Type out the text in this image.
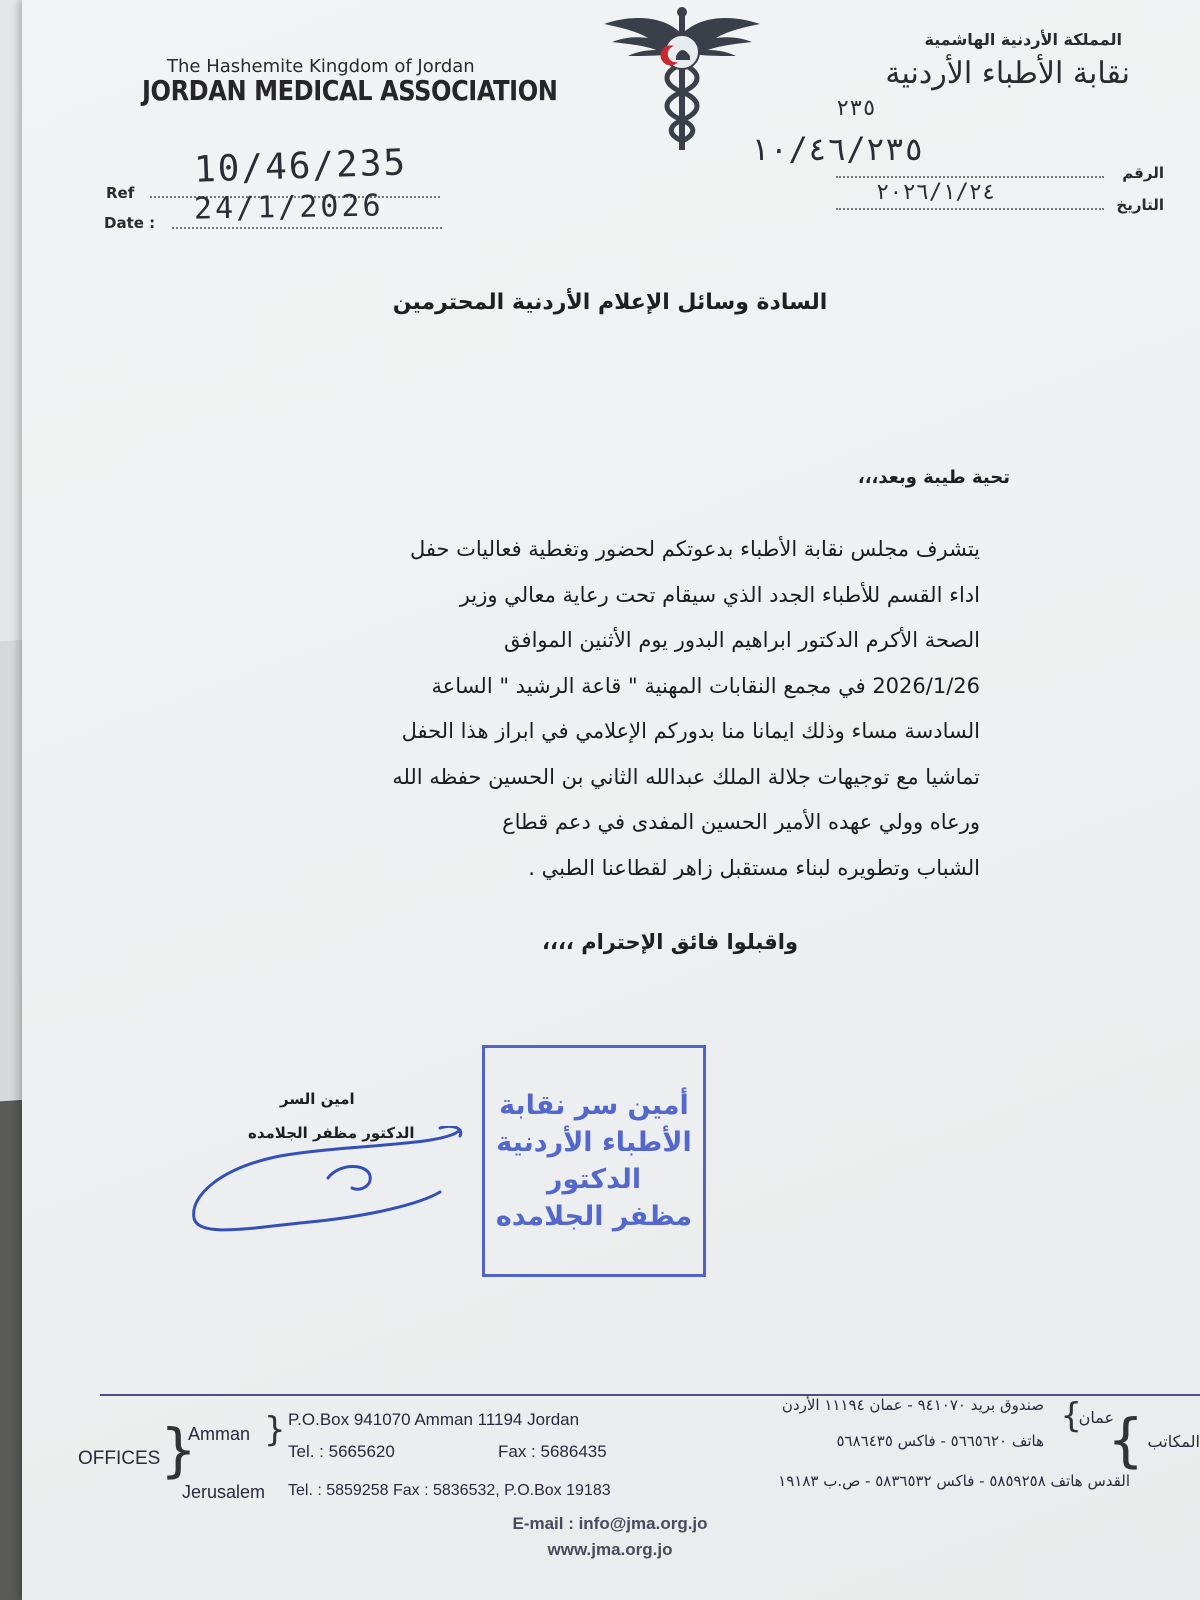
The Hashemite Kingdom of Jordan
JORDAN MEDICAL ASSOCIATION
المملكة الأردنية الهاشمية
نقابة الأطباء الأردنية
Ref
Date :
10/46/235
24/1/2026
٢٣٥
الرقم
التاريخ
١٠/٤٦/٢٣٥
٢٠٢٦/١/٢٤
السادة وسائل الإعلام الأردنية المحترمين
تحية طيبة وبعد،،،
يتشرف مجلس نقابة الأطباء بدعوتكم لحضور وتغطية فعاليات حفل
اداء القسم للأطباء الجدد الذي سيقام تحت رعاية معالي وزير
الصحة الأكرم الدكتور ابراهيم البدور يوم الأثنين الموافق
2026/1/26 في مجمع النقابات المهنية " قاعة الرشيد " الساعة
السادسة مساء وذلك ايمانا منا بدوركم الإعلامي في ابراز هذا الحفل
تماشيا مع توجيهات جلالة الملك عبدالله الثاني بن الحسين حفظه الله
ورعاه وولي عهده الأمير الحسين المفدى في دعم قطاع
الشباب وتطويره لبناء مستقبل زاهر لقطاعنا الطبي .
واقبلوا فائق الإحترام ،،،،
امين السر
الدكتور مظفر الجلامده
أمين سر نقابة
الأطباء الأردنية
الدكتور
مظفر الجلامده
OFFICES }
Amman }
Jerusalem
P.O.Box 941070 Amman 11194 Jordan
Tel. : 5665620	Fax : 5686435
Tel. : 5859258 Fax : 5836532, P.O.Box 19183
صندوق بريد ٩٤١٠٧٠ - عمان ١١١٩٤ الأردن
هاتف ٥٦٦٥٦٢٠ - فاكس ٥٦٨٦٤٣٥
القدس هاتف ٥٨٥٩٢٥٨ - فاكس ٥٨٣٦٥٣٢ - ص.ب ١٩١٨٣
{
عمان
{ المكاتب
E-mail : info@jma.org.jo
www.jma.org.jo
